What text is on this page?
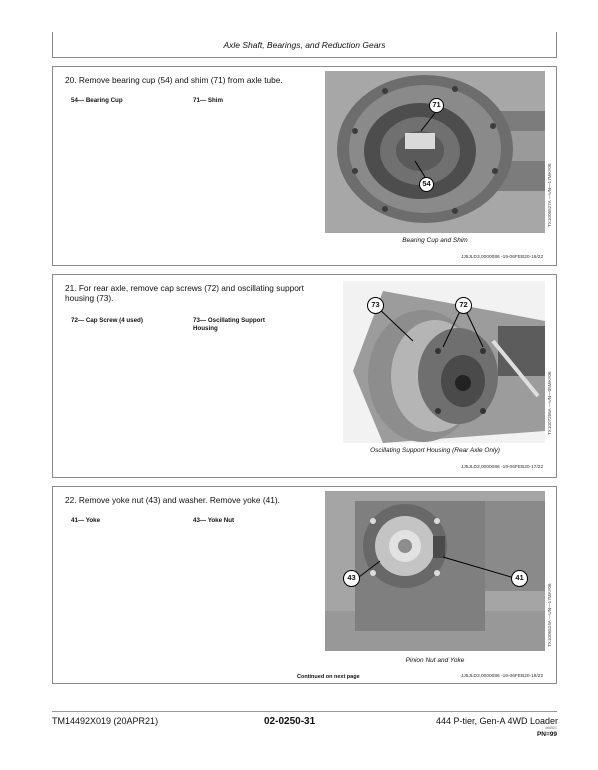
Axle Shaft, Bearings, and Reduction Gears
20. Remove bearing cup (54) and shim (71) from axle tube.
54— Bearing Cup	71— Shim	71
54
Bearing Cup and Shim
JJ5JLD3,0000086 -19-06FEB20-16/22
TX1006527A —UN—17MAY06
21. For rear axle, remove cap screws (72) and oscillating support housing (73).
72— Cap Screw (4 used)	73— Oscillating Support Housing
73	72
Oscillating Support Housing (Rear Axle Only)
JJ5JLD3,0000086 -19-06FEB20-17/22
TX1007256A —UN—05MAY06
22. Remove yoke nut (43) and washer. Remove yoke (41).
41— Yoke	43— Yoke Nut
43	41
Pinion Nut and Yoke
Continued on next page	JJ5JLD3,0000086 -19-06FEB20-18/22
TX1006524A —UN—17MAY06
TM14492X019 (20APR21)	02-0250-31	444 P-tier, Gen-A 4WD Loader
060921
PN=99
